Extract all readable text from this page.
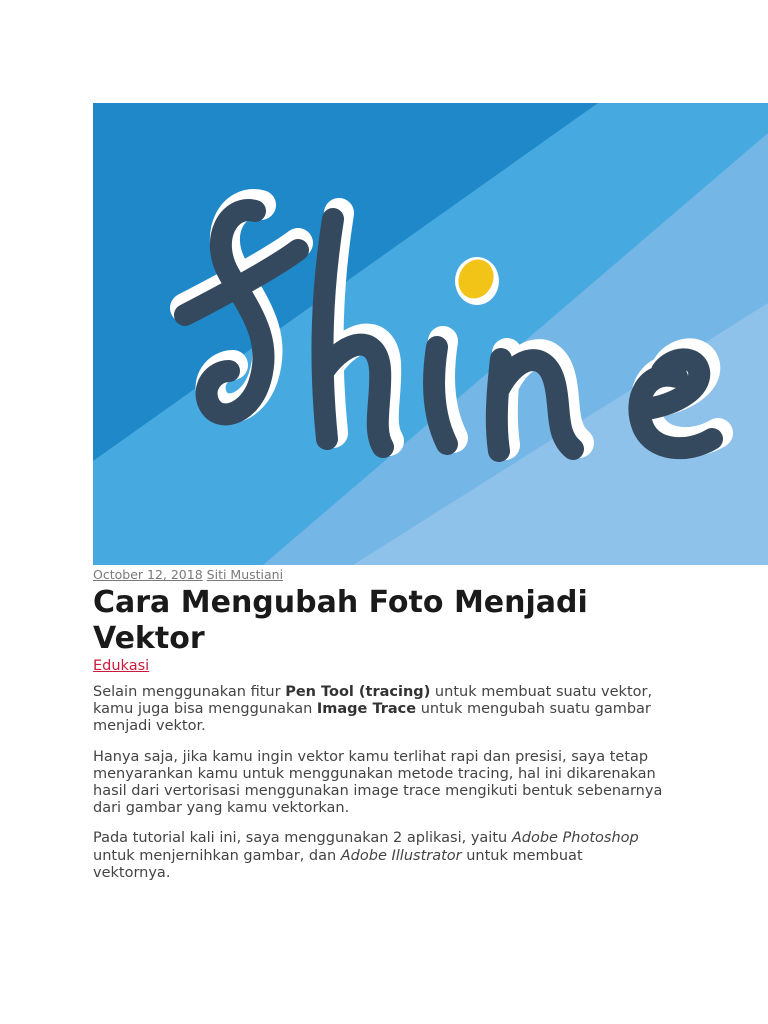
October 12, 2018 Siti Mustiani
Cara Mengubah Foto Menjadi Vektor
Edukasi

Selain menggunakan fitur Pen Tool (tracing) untuk membuat suatu vektor, kamu juga bisa menggunakan Image Trace untuk mengubah suatu gambar menjadi vektor.

Hanya saja, jika kamu ingin vektor kamu terlihat rapi dan presisi, saya tetap menyarankan kamu untuk menggunakan metode tracing, hal ini dikarenakan hasil dari vertorisasi menggunakan image trace mengikuti bentuk sebenarnya dari gambar yang kamu vektorkan.

Pada tutorial kali ini, saya menggunakan 2 aplikasi, yaitu Adobe Photoshop untuk menjernihkan gambar, dan Adobe Illustrator untuk membuat vektornya.
